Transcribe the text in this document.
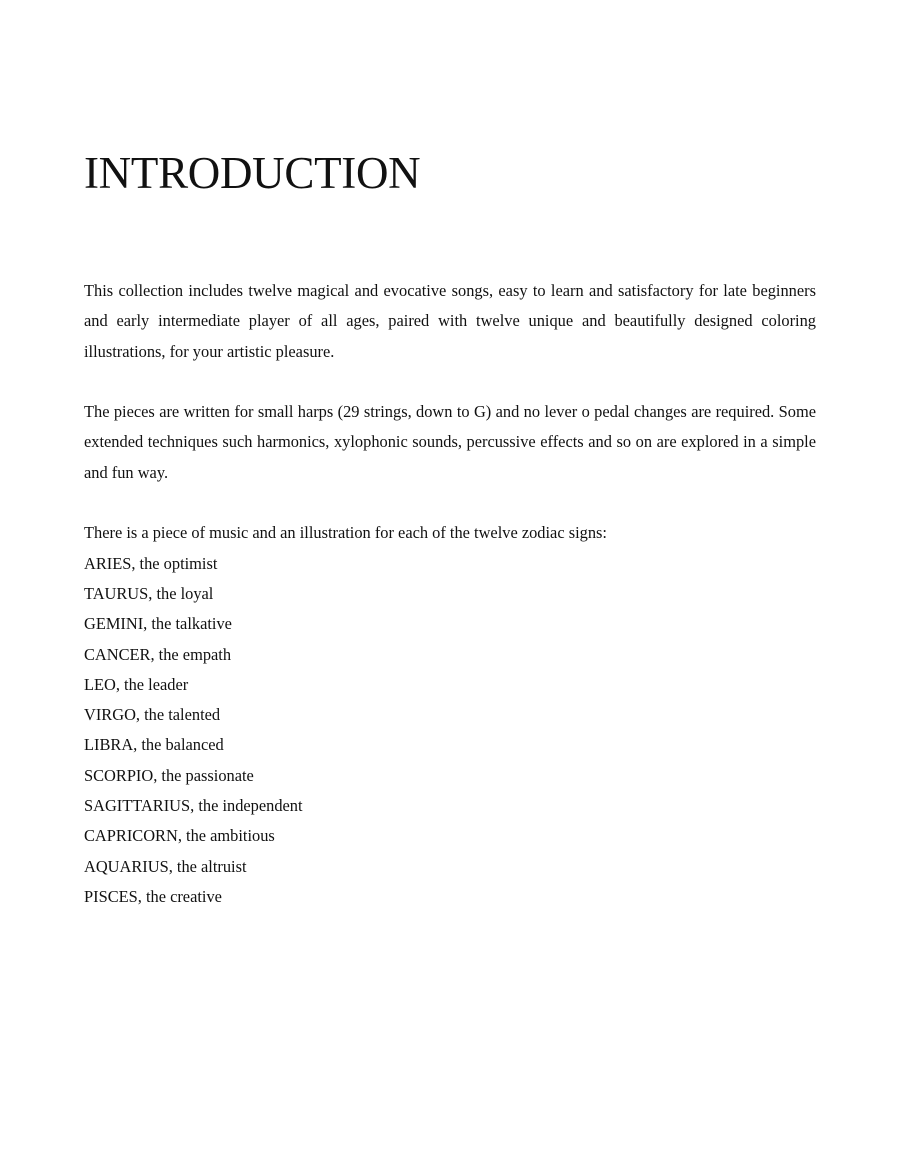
INTRODUCTION

This collection includes twelve magical and evocative songs, easy to learn and satisfactory for late beginners and early intermediate player of all ages, paired with twelve unique and beautifully designed coloring illustrations, for your artistic pleasure.

The pieces are written for small harps (29 strings, down to G) and no lever o pedal changes are required. Some extended techniques such harmonics, xylophonic sounds, percussive effects and so on are explored in a simple and fun way.

There is a piece of music and an illustration for each of the twelve zodiac signs:

ARIES, the optimist
TAURUS, the loyal
GEMINI, the talkative
CANCER, the empath
LEO, the leader
VIRGO, the talented
LIBRA, the balanced
SCORPIO, the passionate
SAGITTARIUS, the independent
CAPRICORN, the ambitious
AQUARIUS, the altruist
PISCES, the creative
